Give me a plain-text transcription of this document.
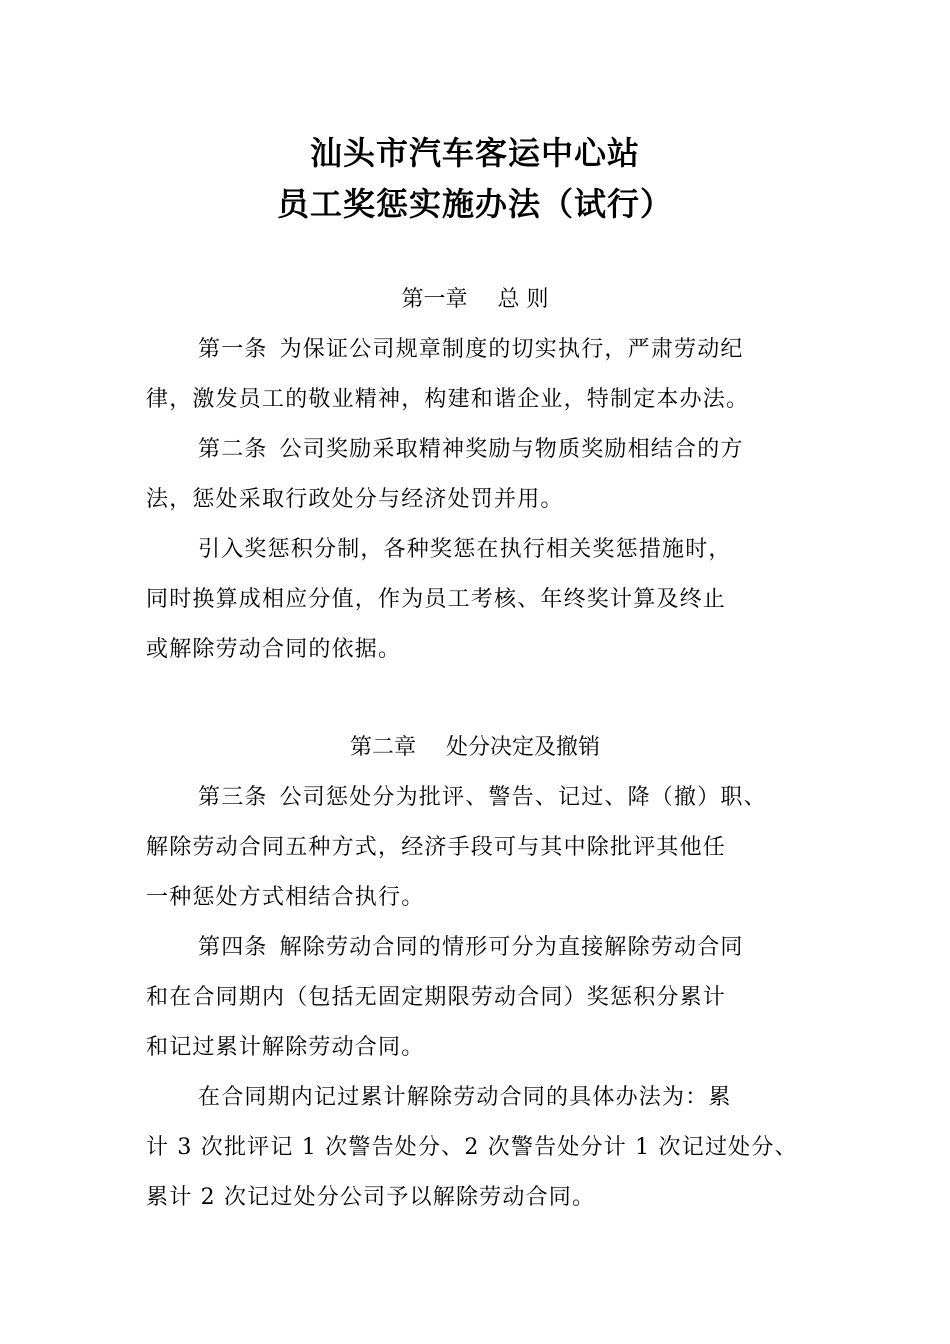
汕头市汽车客运中心站
员工奖惩实施办法（试行）
第一章 总 则
第一条 为保证公司规章制度的切实执行，严肃劳动纪
律，激发员工的敬业精神，构建和谐企业，特制定本办法。
第二条 公司奖励采取精神奖励与物质奖励相结合的方
法，惩处采取行政处分与经济处罚并用。
引入奖惩积分制，各种奖惩在执行相关奖惩措施时，
同时换算成相应分值，作为员工考核、年终奖计算及终止
或解除劳动合同的依据。
第二章 处分决定及撤销
第三条 公司惩处分为批评、警告、记过、降（撤）职、
解除劳动合同五种方式，经济手段可与其中除批评其他任
一种惩处方式相结合执行。
第四条 解除劳动合同的情形可分为直接解除劳动合同
和在合同期内（包括无固定期限劳动合同）奖惩积分累计
和记过累计解除劳动合同。
在合同期内记过累计解除劳动合同的具体办法为：累
计 3 次批评记 1 次警告处分、2 次警告处分计 1 次记过处分、
累计 2 次记过处分公司予以解除劳动合同。
